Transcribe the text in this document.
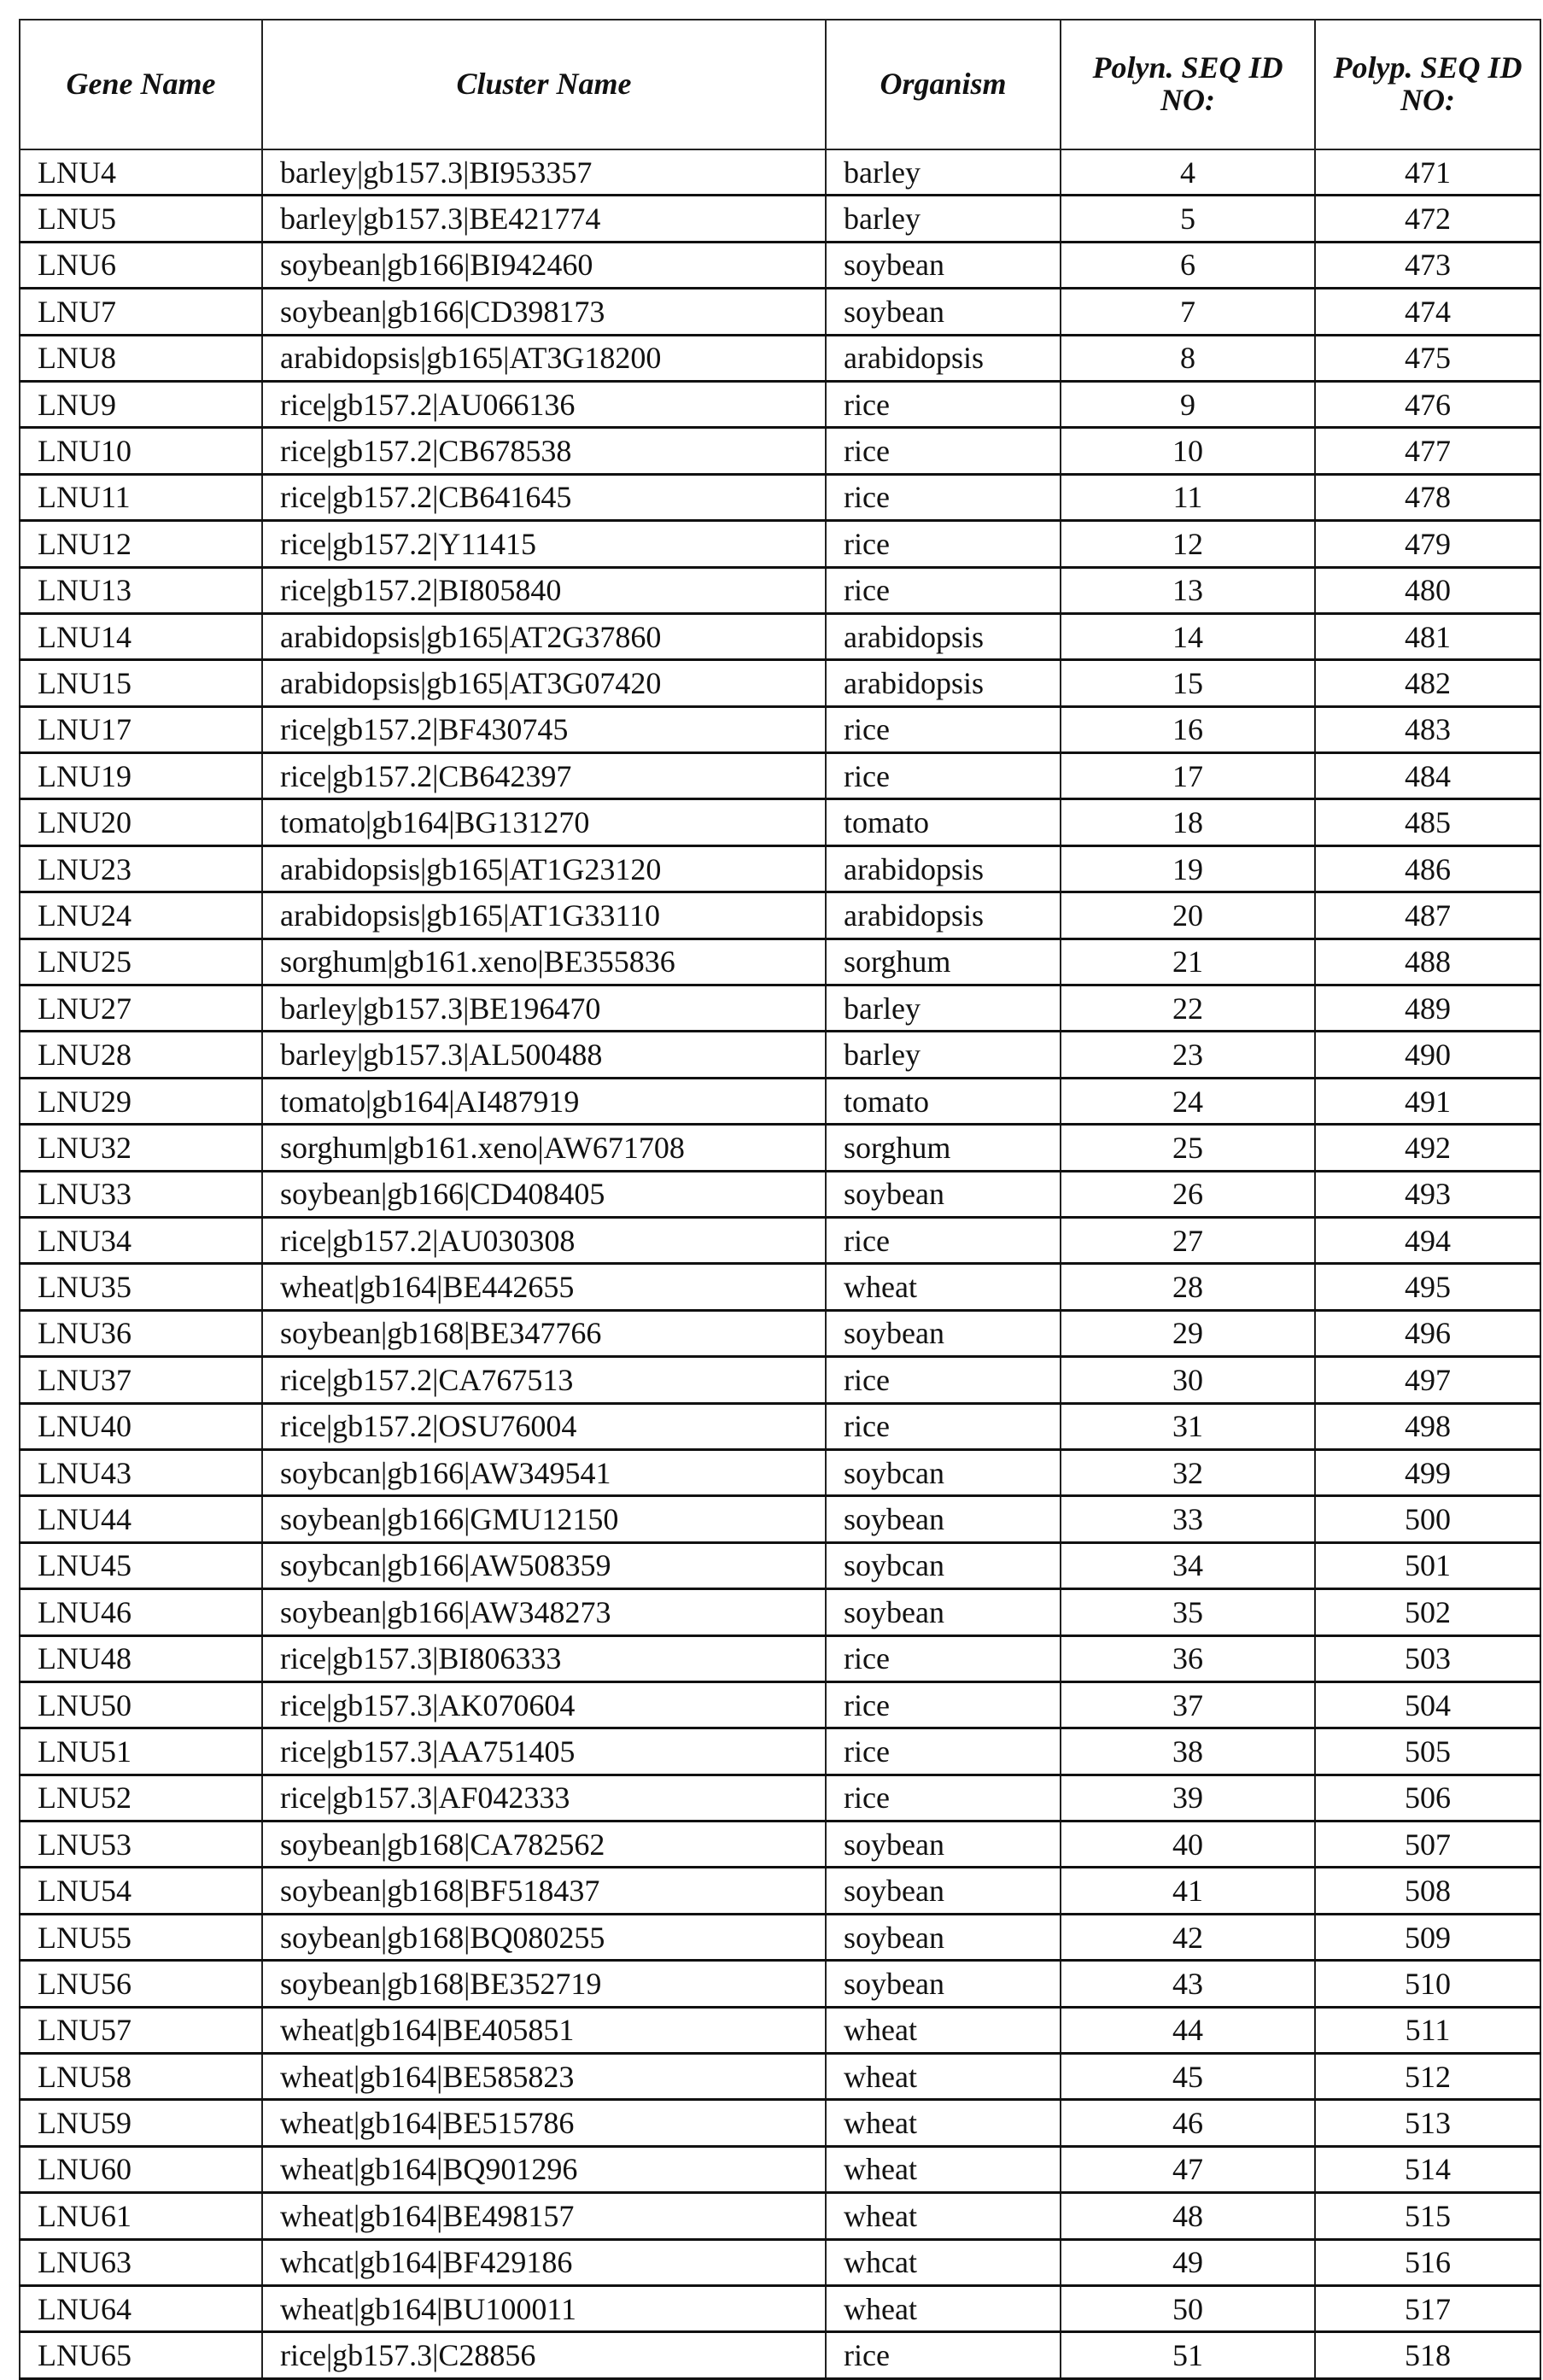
Gene Name	Cluster Name	Organism	Polyn. SEQ ID NO:	Polyp. SEQ ID NO:
LNU4	barley|gb157.3|BI953357	barley	4	471
LNU5	barley|gb157.3|BE421774	barley	5	472
LNU6	soybean|gb166|BI942460	soybean	6	473
LNU7	soybean|gb166|CD398173	soybean	7	474
LNU8	arabidopsis|gb165|AT3G18200	arabidopsis	8	475
LNU9	rice|gb157.2|AU066136	rice	9	476
LNU10	rice|gb157.2|CB678538	rice	10	477
LNU11	rice|gb157.2|CB641645	rice	11	478
LNU12	rice|gb157.2|Y11415	rice	12	479
LNU13	rice|gb157.2|BI805840	rice	13	480
LNU14	arabidopsis|gb165|AT2G37860	arabidopsis	14	481
LNU15	arabidopsis|gb165|AT3G07420	arabidopsis	15	482
LNU17	rice|gb157.2|BF430745	rice	16	483
LNU19	rice|gb157.2|CB642397	rice	17	484
LNU20	tomato|gb164|BG131270	tomato	18	485
LNU23	arabidopsis|gb165|AT1G23120	arabidopsis	19	486
LNU24	arabidopsis|gb165|AT1G33110	arabidopsis	20	487
LNU25	sorghum|gb161.xeno|BE355836	sorghum	21	488
LNU27	barley|gb157.3|BE196470	barley	22	489
LNU28	barley|gb157.3|AL500488	barley	23	490
LNU29	tomato|gb164|AI487919	tomato	24	491
LNU32	sorghum|gb161.xeno|AW671708	sorghum	25	492
LNU33	soybean|gb166|CD408405	soybean	26	493
LNU34	rice|gb157.2|AU030308	rice	27	494
LNU35	wheat|gb164|BE442655	wheat	28	495
LNU36	soybean|gb168|BE347766	soybean	29	496
LNU37	rice|gb157.2|CA767513	rice	30	497
LNU40	rice|gb157.2|OSU76004	rice	31	498
LNU43	soybcan|gb166|AW349541	soybcan	32	499
LNU44	soybean|gb166|GMU12150	soybean	33	500
LNU45	soybcan|gb166|AW508359	soybcan	34	501
LNU46	soybean|gb166|AW348273	soybean	35	502
LNU48	rice|gb157.3|BI806333	rice	36	503
LNU50	rice|gb157.3|AK070604	rice	37	504
LNU51	rice|gb157.3|AA751405	rice	38	505
LNU52	rice|gb157.3|AF042333	rice	39	506
LNU53	soybean|gb168|CA782562	soybean	40	507
LNU54	soybean|gb168|BF518437	soybean	41	508
LNU55	soybean|gb168|BQ080255	soybean	42	509
LNU56	soybean|gb168|BE352719	soybean	43	510
LNU57	wheat|gb164|BE405851	wheat	44	511
LNU58	wheat|gb164|BE585823	wheat	45	512
LNU59	wheat|gb164|BE515786	wheat	46	513
LNU60	wheat|gb164|BQ901296	wheat	47	514
LNU61	wheat|gb164|BE498157	wheat	48	515
LNU63	whcat|gb164|BF429186	whcat	49	516
LNU64	wheat|gb164|BU100011	wheat	50	517
LNU65	rice|gb157.3|C28856	rice	51	518
